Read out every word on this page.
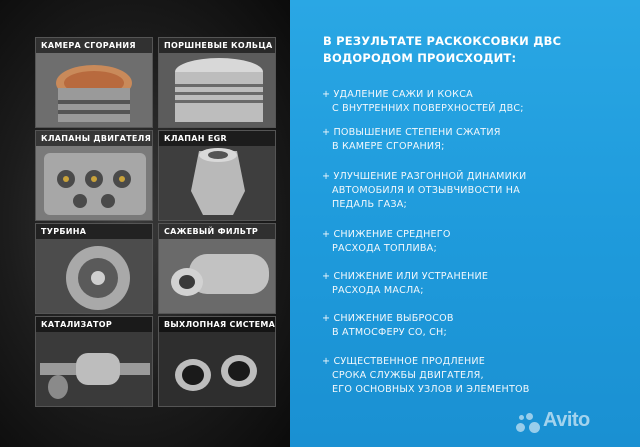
КАМЕРА СГОРАНИЯ	ПОРШНЕВЫЕ КОЛЬЦА
КЛАПАНЫ ДВИГАТЕЛЯ	КЛАПАН EGR
ТУРБИНА	САЖЕВЫЙ ФИЛЬТР
КАТАЛИЗАТОР	ВЫХЛОПНАЯ СИСТЕМА
В РЕЗУЛЬТАТЕ РАСКОКСОВКИ ДВС
ВОДОРОДОМ ПРОИСХОДИТ:
+ УДАЛЕНИЕ САЖИ И КОКСА
С ВНУТРЕННИХ ПОВЕРХНОСТЕЙ ДВС;
+ ПОВЫШЕНИЕ СТЕПЕНИ СЖАТИЯ
В КАМЕРЕ СГОРАНИЯ;
+ УЛУЧШЕНИЕ РАЗГОННОЙ ДИНАМИКИ
АВТОМОБИЛЯ И ОТЗЫВЧИВОСТИ НА
ПЕДАЛЬ ГАЗА;
+ СНИЖЕНИЕ СРЕДНЕГО
РАСХОДА ТОПЛИВА;
+ СНИЖЕНИЕ ИЛИ УСТРАНЕНИЕ
РАСХОДА МАСЛА;
+ СНИЖЕНИЕ ВЫБРОСОВ
В АТМОСФЕРУ CO, CH;
+ СУЩЕСТВЕННОЕ ПРОДЛЕНИЕ
СРОКА СЛУЖБЫ ДВИГАТЕЛЯ,
ЕГО ОСНОВНЫХ УЗЛОВ И ЭЛЕМЕНТОВ
Avito
